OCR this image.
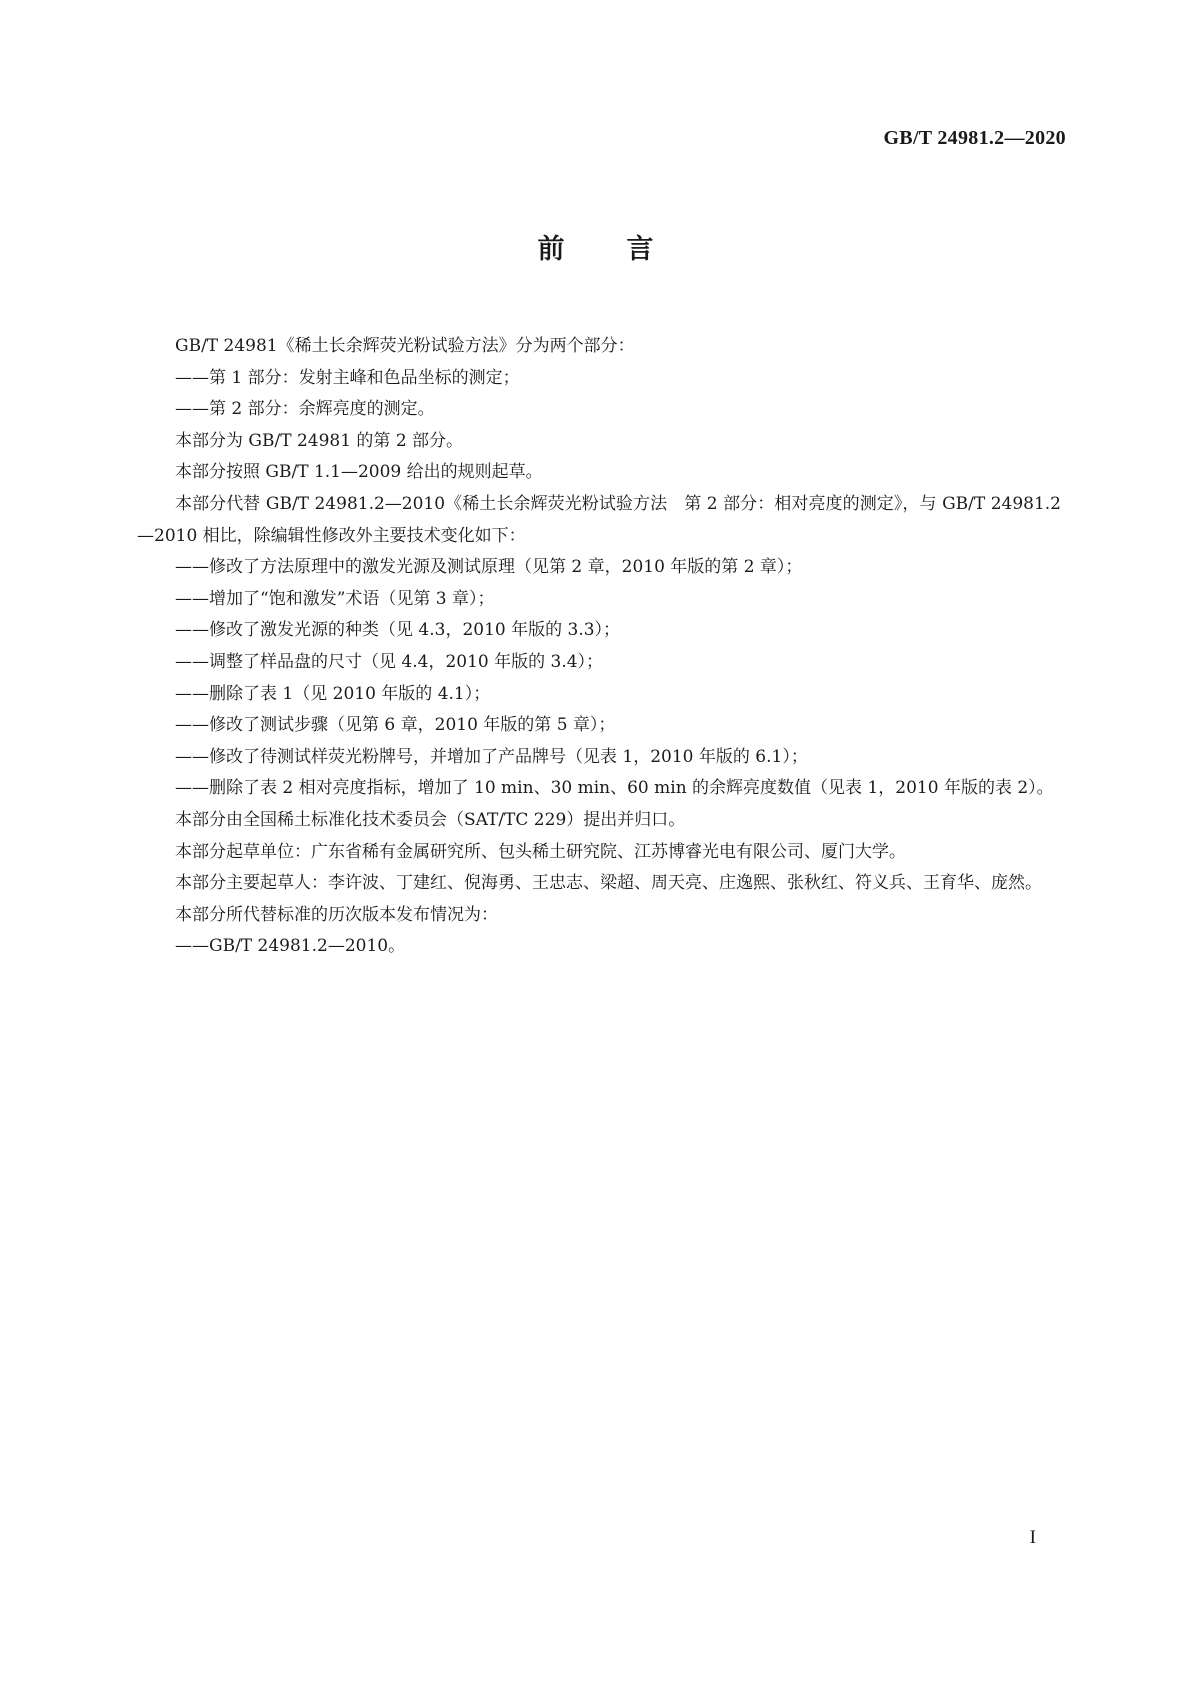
GB/T 24981.2—2020
前言

GB/T 24981《稀土长余辉荧光粉试验方法》分为两个部分：

——第 1 部分：发射主峰和色品坐标的测定；

——第 2 部分：余辉亮度的测定。

本部分为 GB/T 24981 的第 2 部分。

本部分按照 GB/T 1.1—2009 给出的规则起草。

本部分代替 GB/T 24981.2—2010《稀土长余辉荧光粉试验方法　第 2 部分：相对亮度的测定》，与 GB/T 24981.2—2010 相比，除编辑性修改外主要技术变化如下：

——修改了方法原理中的激发光源及测试原理（见第 2 章，2010 年版的第 2 章）；

——增加了“饱和激发”术语（见第 3 章）；

——修改了激发光源的种类（见 4.3，2010 年版的 3.3）；

——调整了样品盘的尺寸（见 4.4，2010 年版的 3.4）；

——删除了表 1（见 2010 年版的 4.1）；

——修改了测试步骤（见第 6 章，2010 年版的第 5 章）；

——修改了待测试样荧光粉牌号，并增加了产品牌号（见表 1，2010 年版的 6.1）；

——删除了表 2 相对亮度指标，增加了 10 min、30 min、60 min 的余辉亮度数值（见表 1，2010 年版的表 2）。

本部分由全国稀土标准化技术委员会（SAT/TC 229）提出并归口。

本部分起草单位：广东省稀有金属研究所、包头稀土研究院、江苏博睿光电有限公司、厦门大学。

本部分主要起草人：李许波、丁建红、倪海勇、王忠志、梁超、周天亮、庄逸熙、张秋红、符义兵、王育华、庞然。

本部分所代替标准的历次版本发布情况为：

——GB/T 24981.2—2010。

I
